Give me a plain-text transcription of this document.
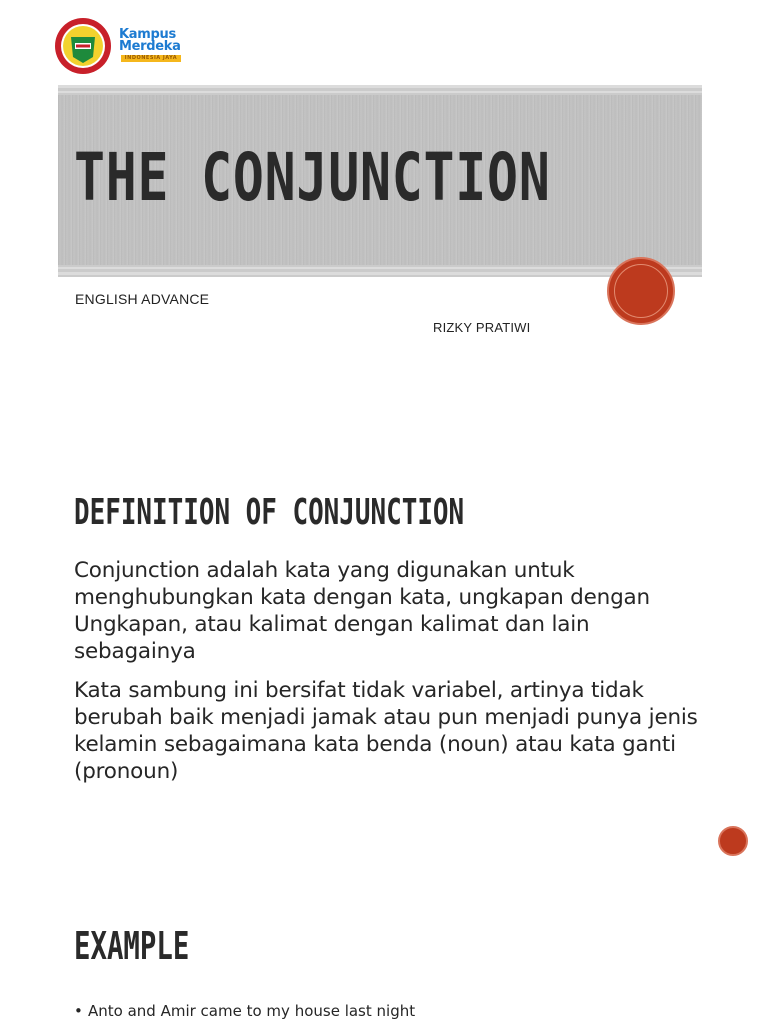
Kampus
Merdeka
INDONESIA JAYA
THE CONJUNCTION
ENGLISH ADVANCE
RIZKY PRATIWI
DEFINITION OF CONJUNCTION
Conjunction adalah kata yang digunakan untuk menghubungkan kata dengan kata, ungkapan dengan Ungkapan, atau kalimat dengan kalimat dan lain sebagainya
Kata sambung ini bersifat tidak variabel, artinya tidak berubah baik menjadi jamak atau pun menjadi punya jenis kelamin sebagaimana kata benda (noun) atau kata ganti (pronoun)
EXAMPLE
• Anto and Amir came to my house last night
